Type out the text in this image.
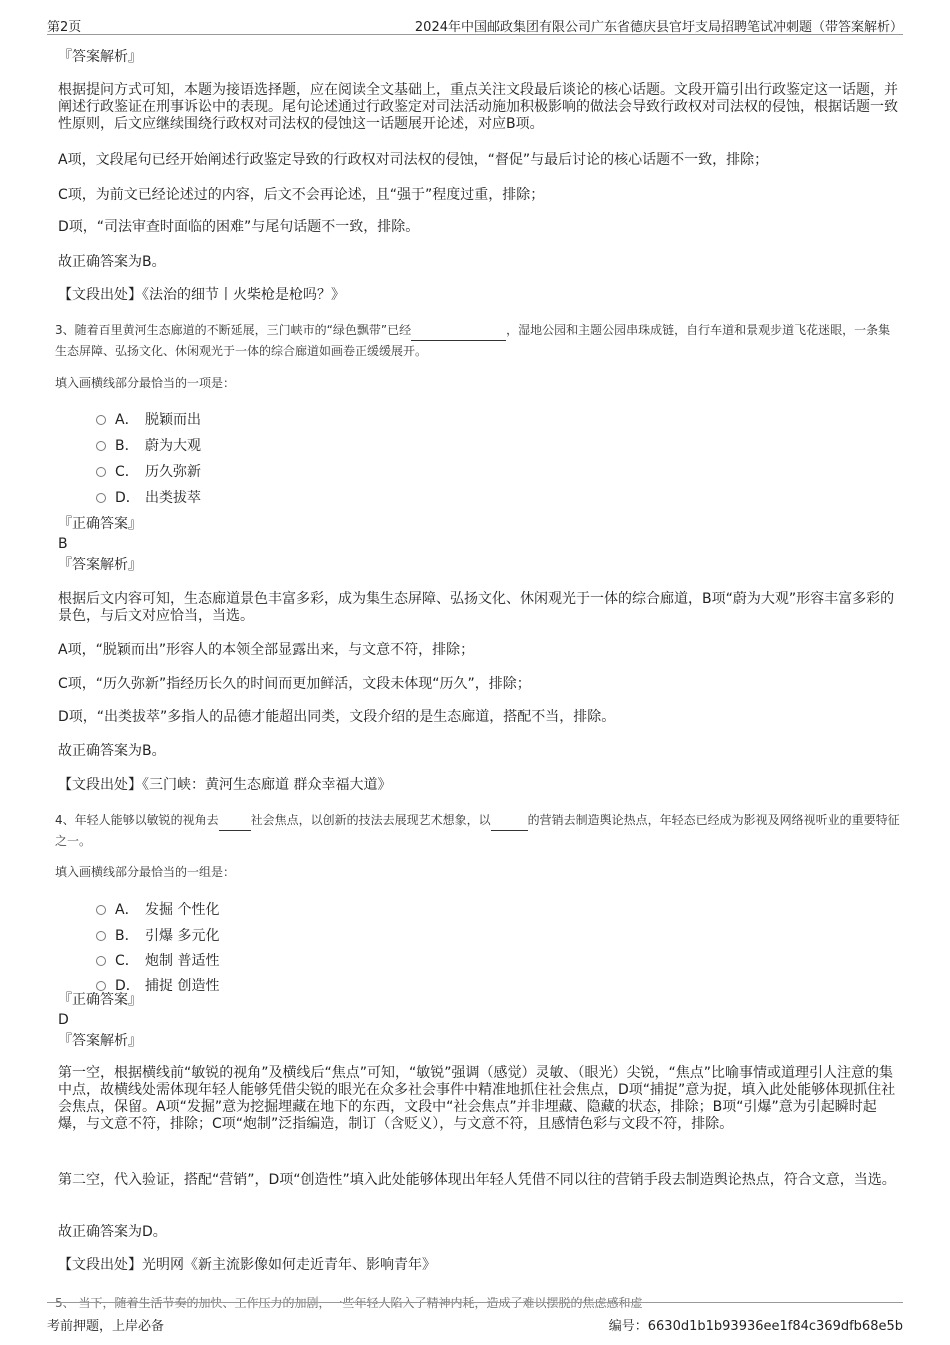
第2页	2024年中国邮政集团有限公司广东省德庆县官圩支局招聘笔试冲刺题（带答案解析）
『答案解析』
根据提问方式可知，本题为接语选择题，应在阅读全文基础上，重点关注文段最后谈论的核心话题。文段开篇引出行政鉴定这一话题，并阐述行政鉴证在刑事诉讼中的表现。尾句论述通过行政鉴定对司法活动施加积极影响的做法会导致行政权对司法权的侵蚀，根据话题一致性原则，后文应继续围绕行政权对司法权的侵蚀这一话题展开论述，对应B项。
A项，文段尾句已经开始阐述行政鉴定导致的行政权对司法权的侵蚀，“督促”与最后讨论的核心话题不一致，排除；
C项，为前文已经论述过的内容，后文不会再论述，且“强于”程度过重，排除；
D项，“司法审查时面临的困难”与尾句话题不一致，排除。
故正确答案为B。
【文段出处】《法治的细节丨火柴枪是枪吗？》
3、随着百里黄河生态廊道的不断延展，三门峡市的“绿色飘带”已经	，湿地公园和主题公园串珠成链，自行车道和景观步道飞花迷眼，一条集生态屏障、弘扬文化、休闲观光于一体的综合廊道如画卷正缓缓展开。
填入画横线部分最恰当的一项是：
A． 脱颖而出
B． 蔚为大观
C． 历久弥新
D． 出类拔萃
『正确答案』
B
『答案解析』
根据后文内容可知，生态廊道景色丰富多彩，成为集生态屏障、弘扬文化、休闲观光于一体的综合廊道，B项“蔚为大观”形容丰富多彩的景色，与后文对应恰当，当选。
A项，“脱颖而出”形容人的本领全部显露出来，与文意不符，排除；
C项，“历久弥新”指经历长久的时间而更加鲜活，文段未体现“历久”，排除；
D项，“出类拔萃”多指人的品德才能超出同类，文段介绍的是生态廊道，搭配不当，排除。
故正确答案为B。
【文段出处】《三门峡：黄河生态廊道 群众幸福大道》
4、年轻人能够以敏锐的视角去	社会焦点，以创新的技法去展现艺术想象，以	的营销去制造舆论热点，年轻态已经成为影视及网络视听业的重要特征之一。
填入画横线部分最恰当的一组是：
A． 发掘 个性化
B． 引爆 多元化
C． 炮制 普适性
D． 捕捉 创造性
『正确答案』
D
『答案解析』
第一空，根据横线前“敏锐的视角”及横线后“焦点”可知，“敏锐”强调（感觉）灵敏、（眼光）尖锐，“焦点”比喻事情或道理引人注意的集中点，故横线处需体现年轻人能够凭借尖锐的眼光在众多社会事件中精准地抓住社会焦点，D项“捕捉”意为捉，填入此处能够体现抓住社会焦点，保留。A项“发掘”意为挖掘埋藏在地下的东西，文段中“社会焦点”并非埋藏、隐藏的状态，排除；B项“引爆”意为引起瞬时起爆，与文意不符，排除；C项“炮制”泛指编造，制订（含贬义），与文意不符，且感情色彩与文段不符，排除。
第二空，代入验证，搭配“营销”，D项“创造性”填入此处能够体现出年轻人凭借不同以往的营销手段去制造舆论热点，符合文意，当选。
故正确答案为D。
【文段出处】光明网《新主流影像如何走近青年、影响青年》
5、 当下，随着生活节奏的加快、工作压力的加剧，一些年轻人陷入了精神内耗，造成了难以摆脱的焦虑感和虚
考前押题，上岸必备	编号：6630d1b1b93936ee1f84c369dfb68e5b
